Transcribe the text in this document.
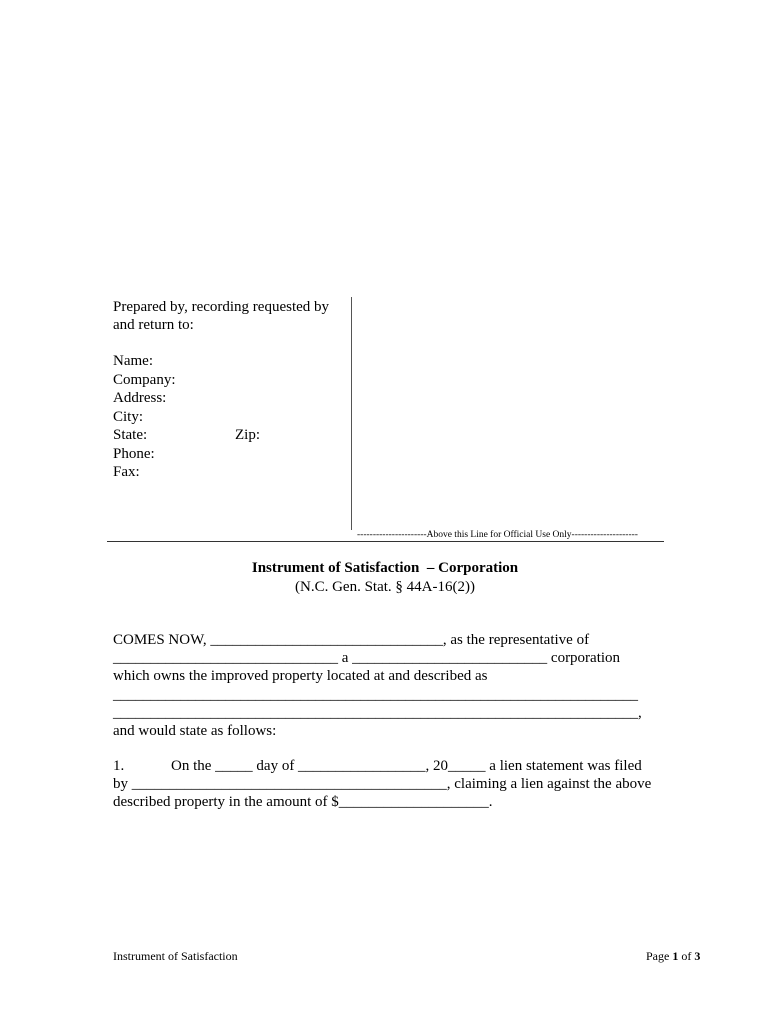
Prepared by, recording requested by
and return to:
Name:
Company:
Address:
City:
State:	Zip:
Phone:
Fax:
----------------------Above this Line for Official Use Only---------------------
Instrument of Satisfaction  – Corporation
(N.C. Gen. Stat. § 44A-16(2))
COMES NOW, _______________________________, as the representative of
______________________________ a __________________________ corporation
which owns the improved property located at and described as
______________________________________________________________________
______________________________________________________________________,
and would state as follows:
1.	On the _____ day of _________________, 20_____ a lien statement was filed
by __________________________________________, claiming a lien against the above
described property in the amount of $____________________.
Instrument of Satisfaction	Page 1 of 3
